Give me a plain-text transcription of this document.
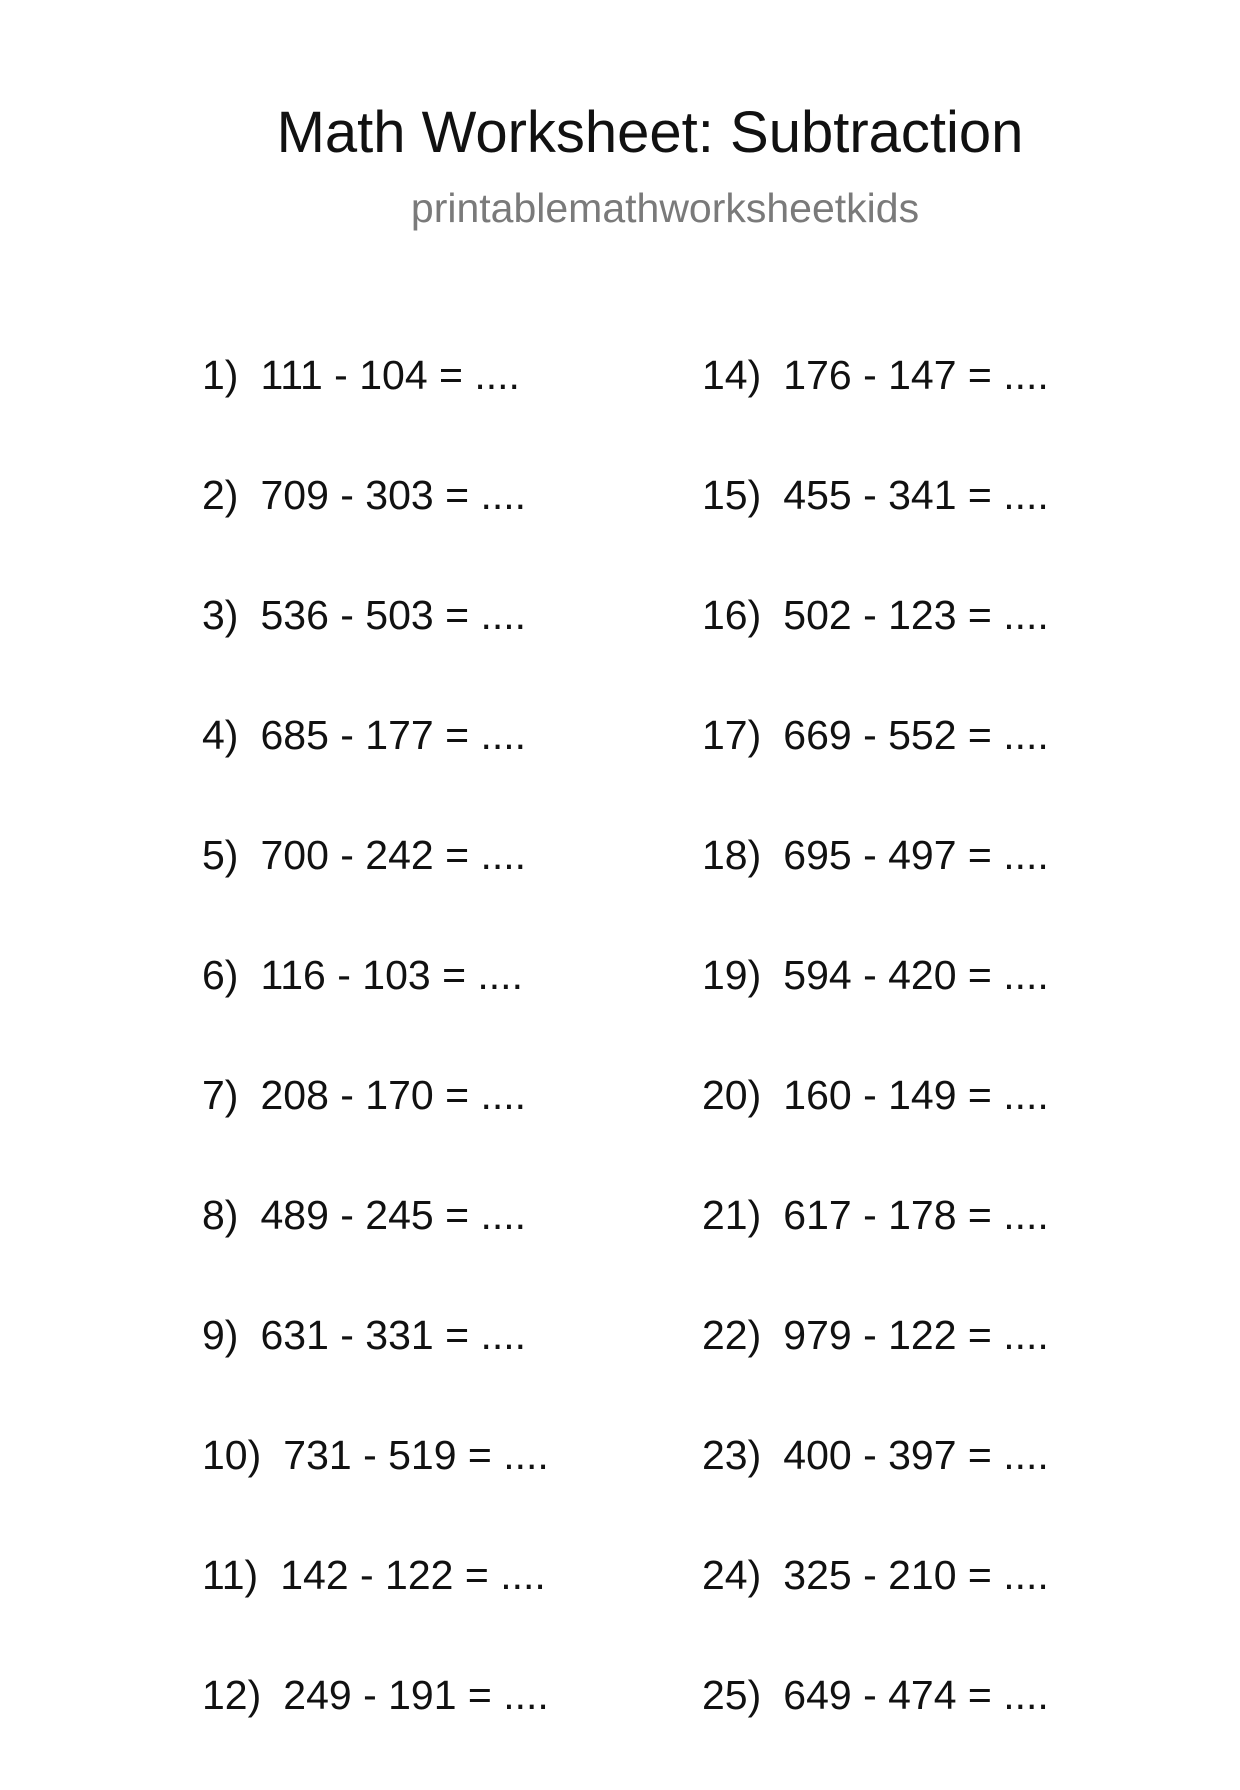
Math Worksheet: Subtraction
printablemathworksheetkids
1) 111 - 104 = ....
2) 709 - 303 = ....
3) 536 - 503 = ....
4) 685 - 177 = ....
5) 700 - 242 = ....
6) 116 - 103 = ....
7) 208 - 170 = ....
8) 489 - 245 = ....
9) 631 - 331 = ....
10) 731 - 519 = ....
11) 142 - 122 = ....
12) 249 - 191 = ....
14) 176 - 147 = ....
15) 455 - 341 = ....
16) 502 - 123 = ....
17) 669 - 552 = ....
18) 695 - 497 = ....
19) 594 - 420 = ....
20) 160 - 149 = ....
21) 617 - 178 = ....
22) 979 - 122 = ....
23) 400 - 397 = ....
24) 325 - 210 = ....
25) 649 - 474 = ....
